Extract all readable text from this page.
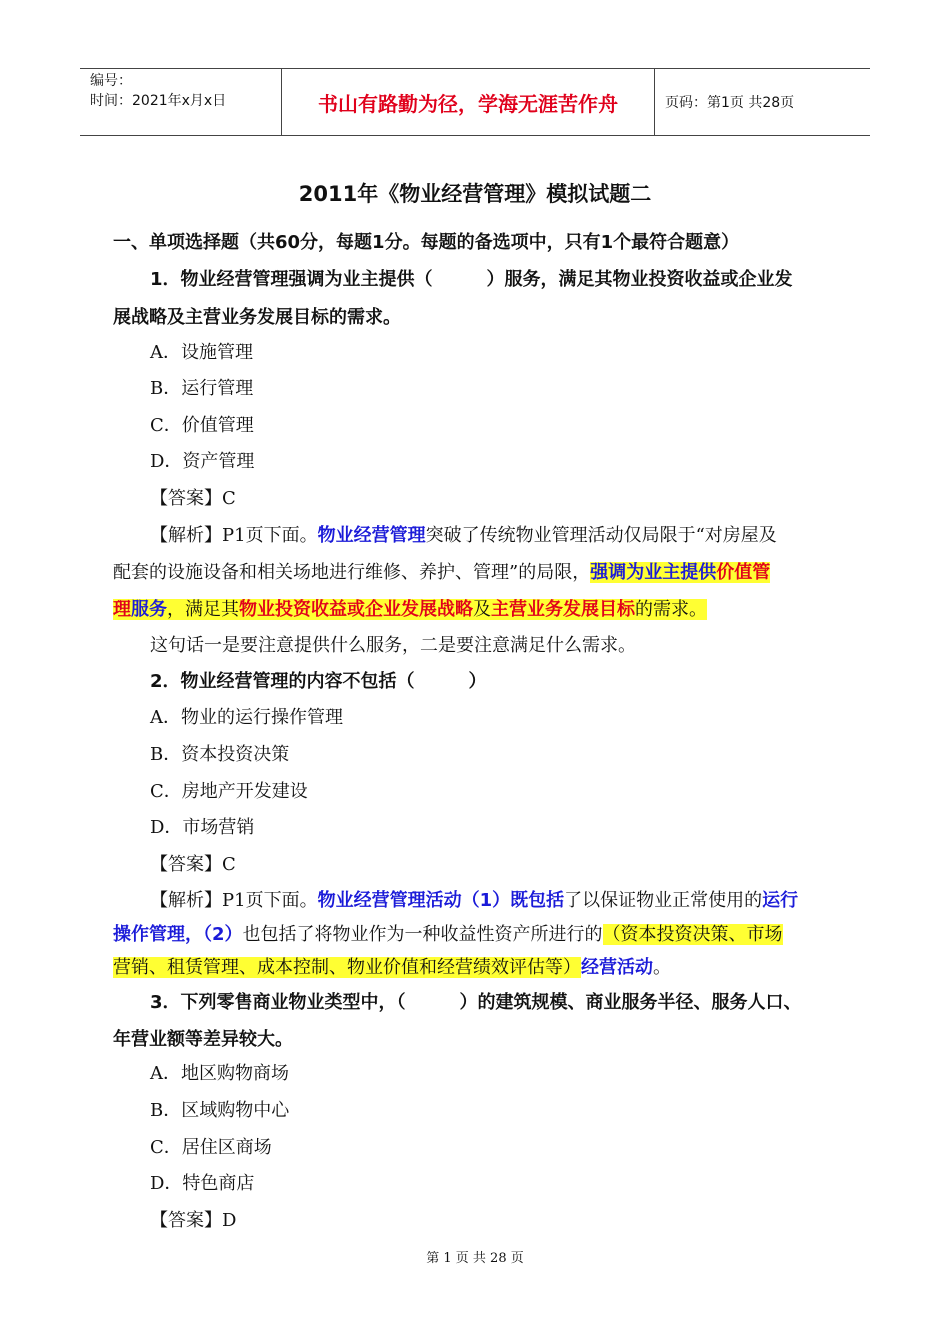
编号：
时间：2021年x月x日	书山有路勤为径，学海无涯苦作舟	页码：第1页 共28页
2011年《物业经营管理》模拟试题二
一、单项选择题（共60分，每题1分。每题的备选项中，只有1个最符合题意）
1．物业经营管理强调为业主提供（　　　）服务，满足其物业投资收益或企业发
展战略及主营业务发展目标的需求。
A．设施管理
B．运行管理
C．价值管理
D．资产管理
【答案】C
【解析】P1页下面。物业经营管理突破了传统物业管理活动仅局限于“对房屋及
配套的设施设备和相关场地进行维修、养护、管理”的局限，强调为业主提供价值管
理服务，满足其物业投资收益或企业发展战略及主营业务发展目标的需求。
这句话一是要注意提供什么服务，二是要注意满足什么需求。
2．物业经营管理的内容不包括（　　　）
A．物业的运行操作管理
B．资本投资决策
C．房地产开发建设
D．市场营销
【答案】C
【解析】P1页下面。物业经营管理活动（1）既包括了以保证物业正常使用的运行
操作管理，（2）也包括了将物业作为一种收益性资产所进行的（资本投资决策、市场
营销、租赁管理、成本控制、物业价值和经营绩效评估等）经营活动。
3．下列零售商业物业类型中，（　　　）的建筑规模、商业服务半径、服务人口、
年营业额等差异较大。
A．地区购物商场
B．区域购物中心
C．居住区商场
D．特色商店
【答案】D
第 1 页 共 28 页
